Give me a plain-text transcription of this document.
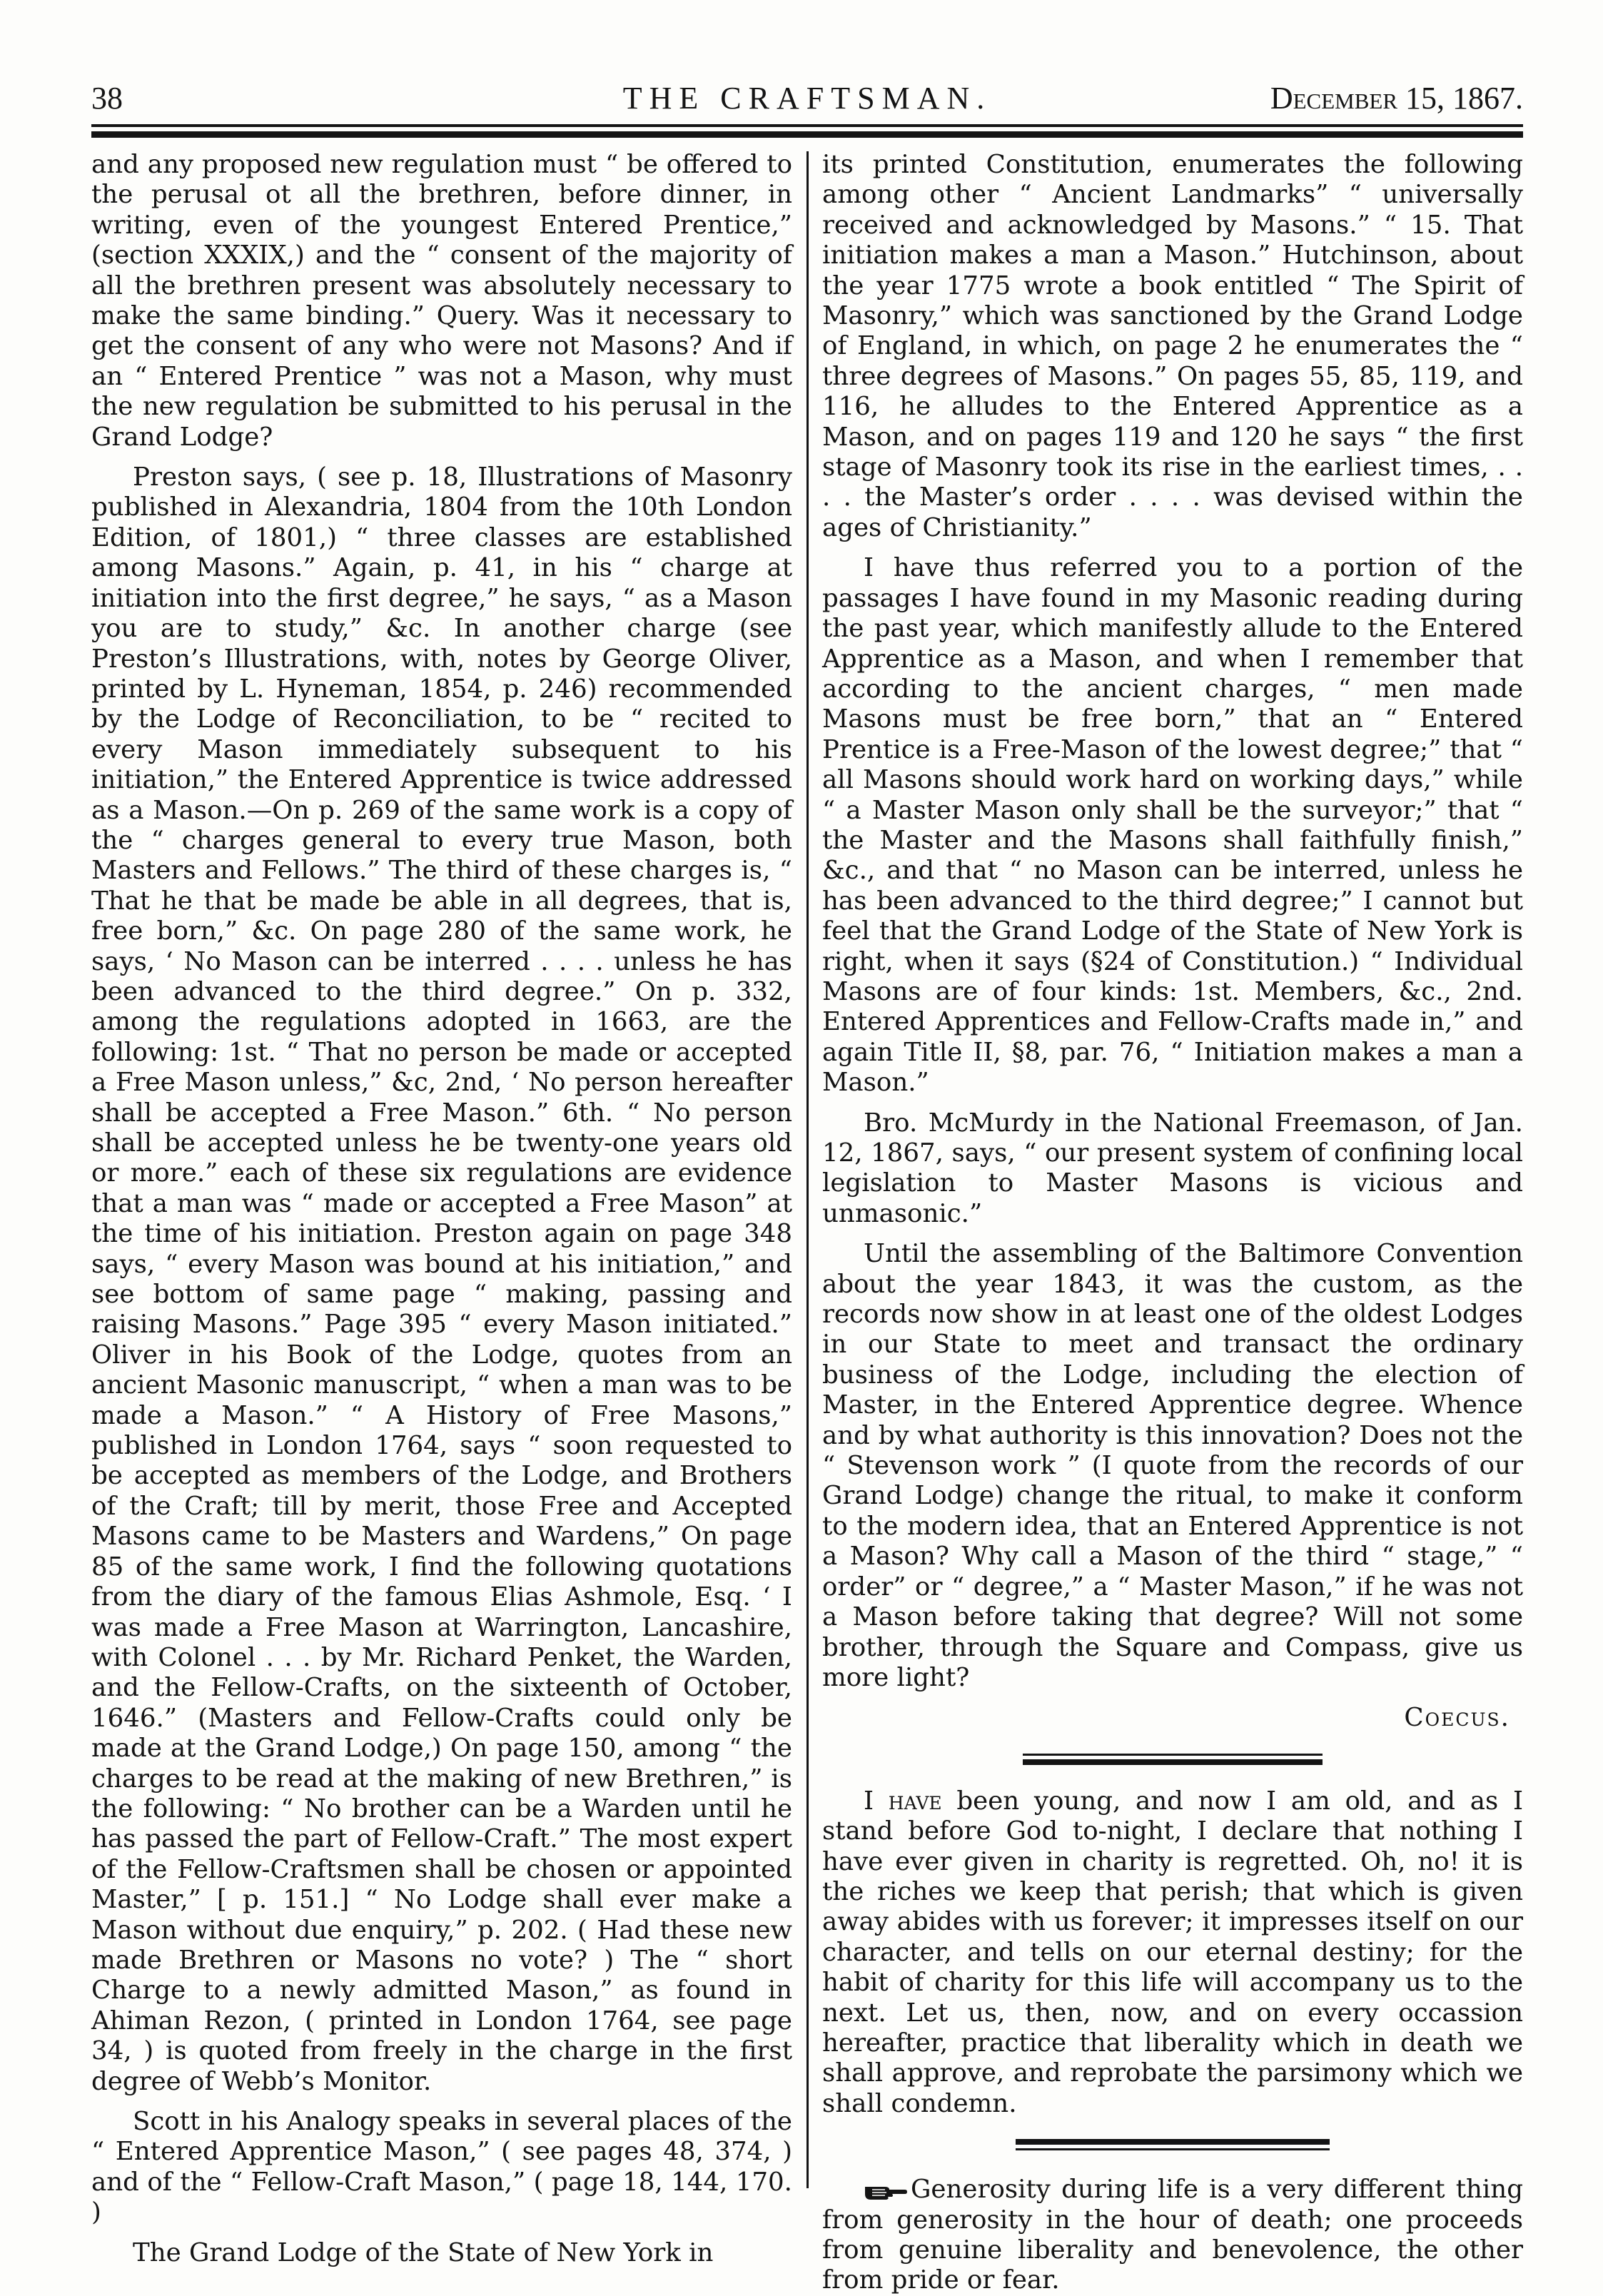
38	THE CRAFTSMAN.	December 15, 1867.

and any proposed new regulation must “ be offered to the perusal ot all the brethren, before dinner, in writing, even of the youngest Entered Prentice,” (section XXXIX,) and the “ consent of the majority of all the brethren present was absolutely necessary to make the same binding.” Query. Was it necessary to get the consent of any who were not Masons? And if an “ Entered Prentice ” was not a Mason, why must the new regulation be submitted to his perusal in the Grand Lodge?

Preston says, ( see p. 18, Illustrations of Masonry published in Alexandria, 1804 from the 10th London Edition, of 1801,) “ three classes are established among Masons.” Again, p. 41, in his “ charge at initiation into the first degree,” he says, “ as a Mason you are to study,” &c. In another charge (see Preston’s Illustrations, with, notes by George Oliver, printed by L. Hyneman, 1854, p. 246) recommended by the Lodge of Reconciliation, to be “ recited to every Mason immediately subsequent to his initiation,” the Entered Apprentice is twice addressed as a Mason.—On p. 269 of the same work is a copy of the “ charges general to every true Mason, both Masters and Fellows.” The third of these charges is, “ That he that be made be able in all degrees, that is, free born,” &c. On page 280 of the same work, he says, ‘ No Mason can be interred . . . . unless he has been advanced to the third degree.” On p. 332, among the regulations adopted in 1663, are the following: 1st. “ That no person be made or accepted a Free Mason unless,” &c, 2nd, ‘ No person hereafter shall be accepted a Free Mason.” 6th. “ No person shall be accepted unless he be twenty-one years old or more.” each of these six regulations are evidence that a man was “ made or accepted a Free Mason” at the time of his initiation. Preston again on page 348 says, “ every Mason was bound at his initiation,” and see bottom of same page “ making, passing and raising Masons.” Page 395 “ every Mason initiated.” Oliver in his Book of the Lodge, quotes from an ancient Masonic manuscript, “ when a man was to be made a Mason.” “ A History of Free Masons,” published in London 1764, says “ soon requested to be accepted as members of the Lodge, and Brothers of the Craft; till by merit, those Free and Accepted Masons came to be Masters and Wardens,” On page 85 of the same work, I find the following quotations from the diary of the famous Elias Ashmole, Esq. ‘ I was made a Free Mason at Warrington, Lancashire, with Colonel . . . by Mr. Richard Penket, the Warden, and the Fellow-Crafts, on the sixteenth of October, 1646.” (Masters and Fellow-Crafts could only be made at the Grand Lodge,) On page 150, among “ the charges to be read at the making of new Brethren,” is the following: “ No brother can be a Warden until he has passed the part of Fellow-Craft.” The most expert of the Fellow-Craftsmen shall be chosen or appointed Master,” [ p. 151.] “ No Lodge shall ever make a Mason without due enquiry,” p. 202. ( Had these new made Brethren or Masons no vote? ) The “ short Charge to a newly admitted Mason,” as found in Ahiman Rezon, ( printed in London 1764, see page 34, ) is quoted from freely in the charge in the first degree of Webb’s Monitor.

Scott in his Analogy speaks in several places of the “ Entered Apprentice Mason,” ( see pages 48, 374, ) and of the “ Fellow-Craft Mason,” ( page 18, 144, 170. )

The Grand Lodge of the State of New York in

its printed Constitution, enumerates the following among other “ Ancient Landmarks” “ universally received and acknowledged by Masons.” “ 15. That initiation makes a man a Mason.” Hutchinson, about the year 1775 wrote a book entitled “ The Spirit of Masonry,” which was sanctioned by the Grand Lodge of England, in which, on page 2 he enumerates the “ three degrees of Masons.” On pages 55, 85, 119, and 116, he alludes to the Entered Apprentice as a Mason, and on pages 119 and 120 he says “ the first stage of Masonry took its rise in the earliest times, . . . . the Master’s order . . . . was devised within the ages of Christianity.”

I have thus referred you to a portion of the passages I have found in my Masonic reading during the past year, which manifestly allude to the Entered Apprentice as a Mason, and when I remember that according to the ancient charges, “ men made Masons must be free born,” that an “ Entered Prentice is a Free-Mason of the lowest degree;” that “ all Masons should work hard on working days,” while “ a Master Mason only shall be the surveyor;” that “ the Master and the Masons shall faithfully finish,” &c., and that “ no Mason can be interred, unless he has been advanced to the third degree;” I cannot but feel that the Grand Lodge of the State of New York is right, when it says (§24 of Constitution.) “ Individual Masons are of four kinds: 1st. Members, &c., 2nd. Entered Apprentices and Fellow-Crafts made in,” and again Title II, §8, par. 76, “ Initiation makes a man a Mason.”

Bro. McMurdy in the National Freemason, of Jan. 12, 1867, says, “ our present system of confining local legislation to Master Masons is vicious and unmasonic.”

Until the assembling of the Baltimore Convention about the year 1843, it was the custom, as the records now show in at least one of the oldest Lodges in our State to meet and transact the ordinary business of the Lodge, including the election of Master, in the Entered Apprentice degree. Whence and by what authority is this innovation? Does not the “ Stevenson work ” (I quote from the records of our Grand Lodge) change the ritual, to make it conform to the modern idea, that an Entered Apprentice is not a Mason? Why call a Mason of the third “ stage,” “ order” or “ degree,” a “ Master Mason,” if he was not a Mason before taking that degree? Will not some brother, through the Square and Compass, give us more light?

Coecus.

I have been young, and now I am old, and as I stand before God to-night, I declare that nothing I have ever given in charity is regretted. Oh, no! it is the riches we keep that perish; that which is given away abides with us forever; it impresses itself on our character, and tells on our eternal destiny; for the habit of charity for this life will accompany us to the next. Let us, then, now, and on every occassion hereafter, practice that liberality which in death we shall approve, and reprobate the parsimony which we shall condemn.

Generosity during life is a very different thing from generosity in the hour of death; one proceeds from genuine liberality and benevolence, the other from pride or fear.
